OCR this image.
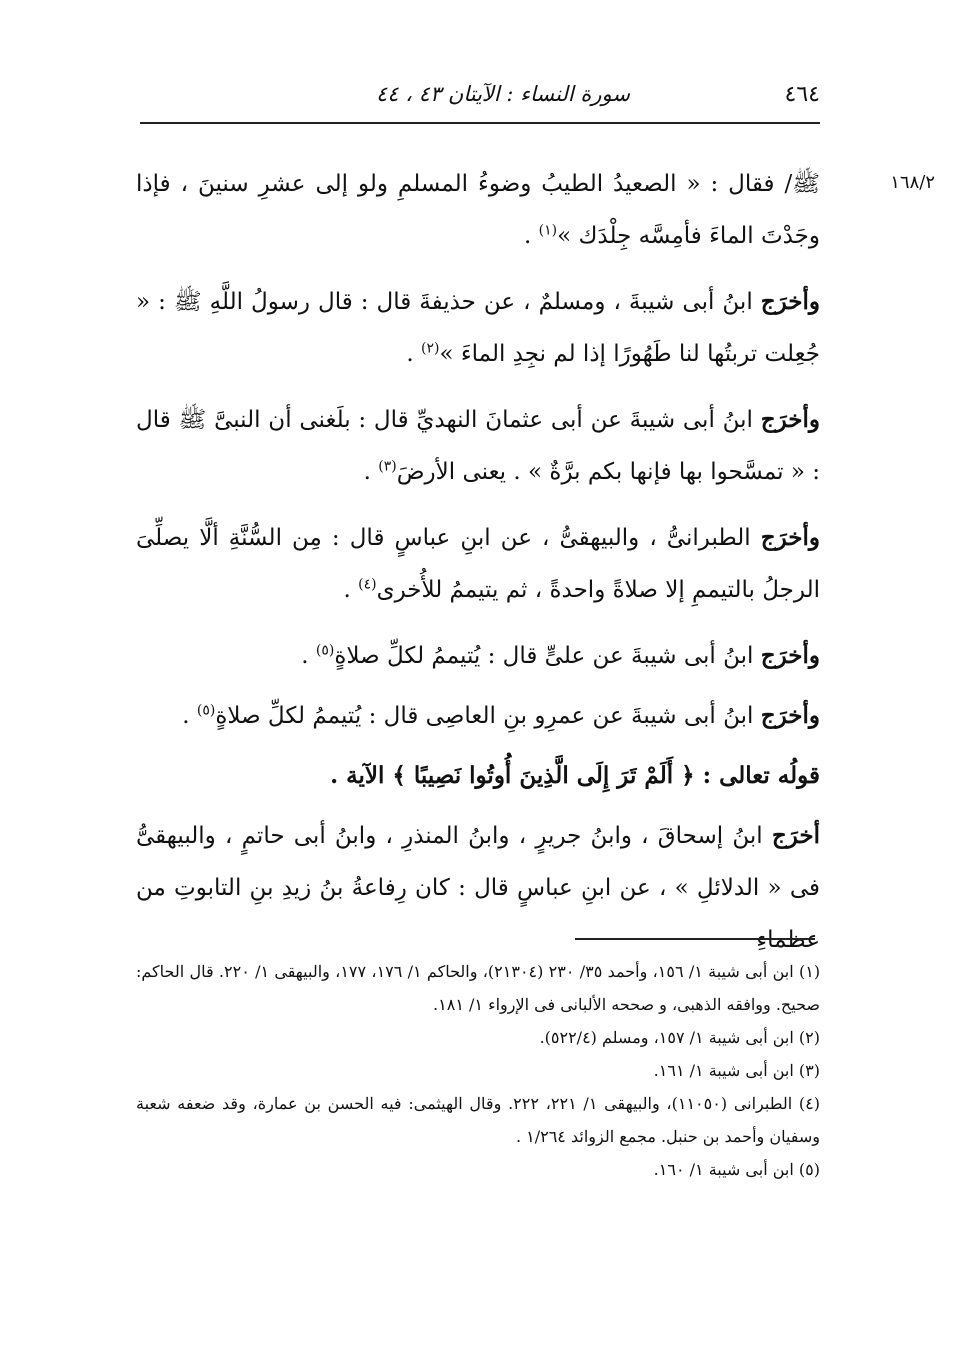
٤٦٤
سورة النساء : الآيتان ٤٣ ، ٤٤
١٦٨/٢

ﷺ/ فقال : « الصعيدُ الطيبُ وضوءُ المسلمِ ولو إلى عشرِ سنينَ ، فإذا وجَدْتَ الماءَ فأمِسَّه جِلْدَك »$^{(١)}$ .

وأخرَج ابنُ أبى شيبةَ ، ومسلمٌ ، عن حذيفةَ قال : قال رسولُ اللَّهِ ﷺ : « جُعِلت تربتُها لنا طَهُورًا إذا لم نجِدِ الماءَ »$^{(٢)}$ .

وأخرَج ابنُ أبى شيبةَ عن أبى عثمانَ النهديِّ قال : بلَغنى أن النبىَّ ﷺ قال : « تمسَّحوا بها فإنها بكم برَّةٌ » . يعنى الأرضَ$^{(٣)}$ .

وأخرَج الطبرانىُّ ، والبيهقىُّ ، عن ابنِ عباسٍ قال : مِن السُّنَّةِ ألَّا يصلِّىَ الرجلُ بالتيممِ إلا صلاةً واحدةً ، ثم يتيممُ للأُخرى$^{(٤)}$ .

وأخرَج ابنُ أبى شيبةَ عن علىٍّ قال : يُتيممُ لكلِّ صلاةٍ$^{(٥)}$ .

وأخرَج ابنُ أبى شيبةَ عن عمرِو بنِ العاصِى قال : يُتيممُ لكلِّ صلاةٍ$^{(٥)}$ .

قولُه تعالى : ﴿ أَلَمْ تَرَ إِلَى الَّذِينَ أُوتُوا نَصِيبًا ﴾ الآية .

أخرَج ابنُ إسحاقَ ، وابنُ جريرٍ ، وابنُ المنذرِ ، وابنُ أبى حاتمٍ ، والبيهقىُّ فى « الدلائلِ » ، عن ابنِ عباسٍ قال : كان رِفاعةُ بنُ زيدِ بنِ التابوتِ من عظماءِ

(١) ابن أبى شيبة ١/ ١٥٦، وأحمد ٣٥/ ٢٣٠ (٢١٣٠٤)، والحاكم ١/ ١٧٦، ١٧٧، والبيهقى ١/ ٢٢٠. قال الحاكم: صحيح. ووافقه الذهبى، و صححه الألبانى فى الإرواء ١/ ١٨١.

(٢) ابن أبى شيبة ١/ ١٥٧، ومسلم (٥٢٢/٤).

(٣) ابن أبى شيبة ١/ ١٦١.

(٤) الطبرانى (١١٠٥٠)، والبيهقى ١/ ٢٢١، ٢٢٢. وقال الهيثمى: فيه الحسن بن عمارة، وقد ضعفه شعبة وسفيان وأحمد بن حنبل. مجمع الزوائد ١/٢٦٤ .

(٥) ابن أبى شيبة ١/ ١٦٠.
